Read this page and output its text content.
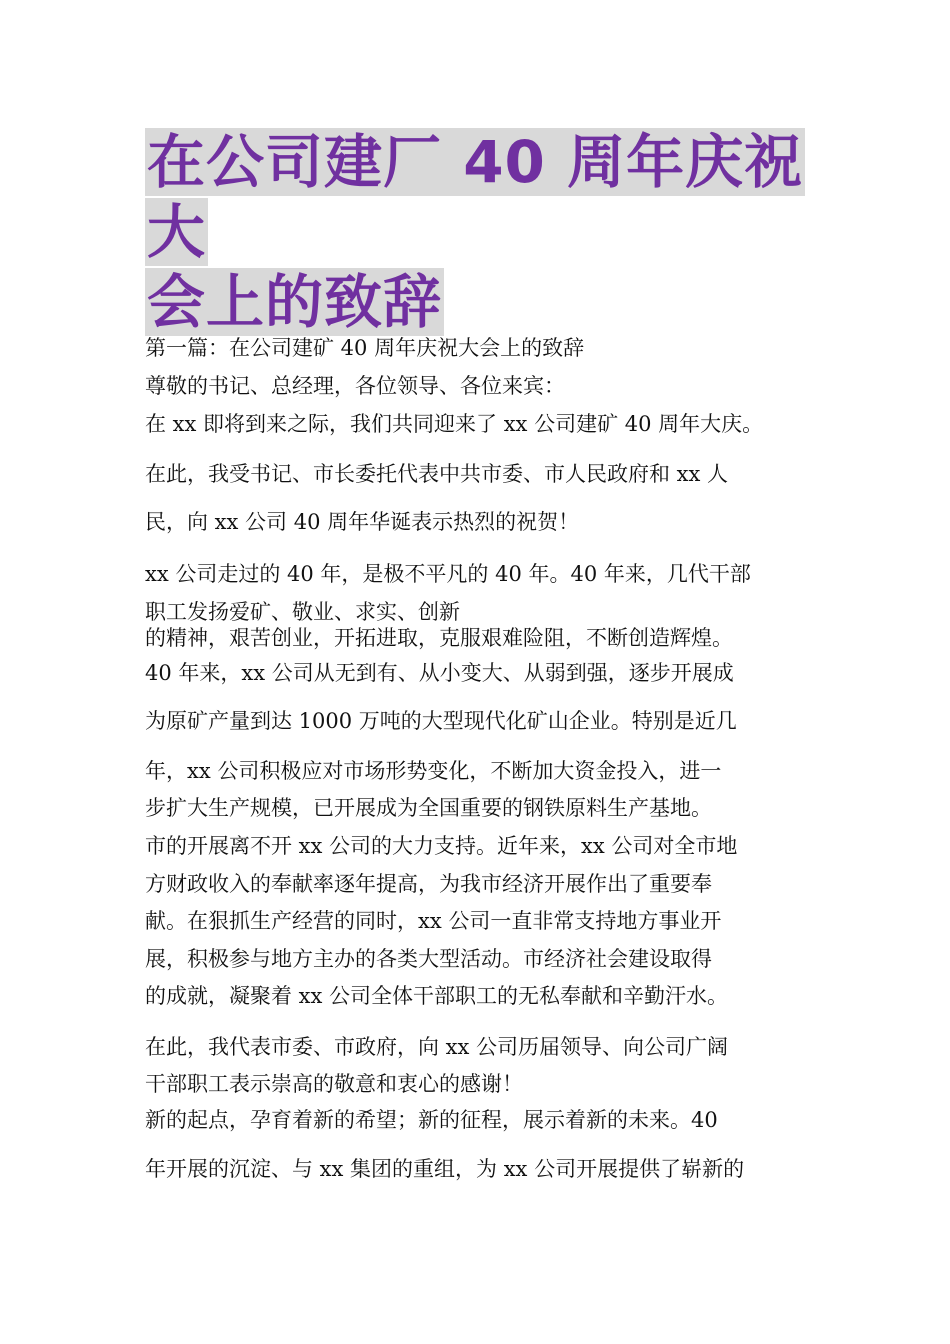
在公司建厂 40 周年庆祝大
会上的致辞

第一篇：在公司建矿 40 周年庆祝大会上的致辞

尊敬的书记、总经理，各位领导、各位来宾：

在 xx 即将到来之际，我们共同迎来了 xx 公司建矿 40 周年大庆。

在此，我受书记、市长委托代表中共市委、市人民政府和 xx 人

民，向 xx 公司 40 周年华诞表示热烈的祝贺！

xx 公司走过的 40 年，是极不平凡的 40 年。40 年来，几代干部

职工发扬爱矿、敬业、求实、创新

的精神，艰苦创业，开拓进取，克服艰难险阻，不断创造辉煌。

40 年来，xx 公司从无到有、从小变大、从弱到强，逐步开展成

为原矿产量到达 1000 万吨的大型现代化矿山企业。特别是近几

年，xx 公司积极应对市场形势变化，不断加大资金投入，进一

步扩大生产规模，已开展成为全国重要的钢铁原料生产基地。

市的开展离不开 xx 公司的大力支持。近年来，xx 公司对全市地

方财政收入的奉献率逐年提高，为我市经济开展作出了重要奉

献。在狠抓生产经营的同时，xx 公司一直非常支持地方事业开

展，积极参与地方主办的各类大型活动。市经济社会建设取得

的成就，凝聚着 xx 公司全体干部职工的无私奉献和辛勤汗水。

在此，我代表市委、市政府，向 xx 公司历届领导、向公司广阔

干部职工表示崇高的敬意和衷心的感谢！

新的起点，孕育着新的希望；新的征程，展示着新的未来。40

年开展的沉淀、与 xx 集团的重组，为 xx 公司开展提供了崭新的
